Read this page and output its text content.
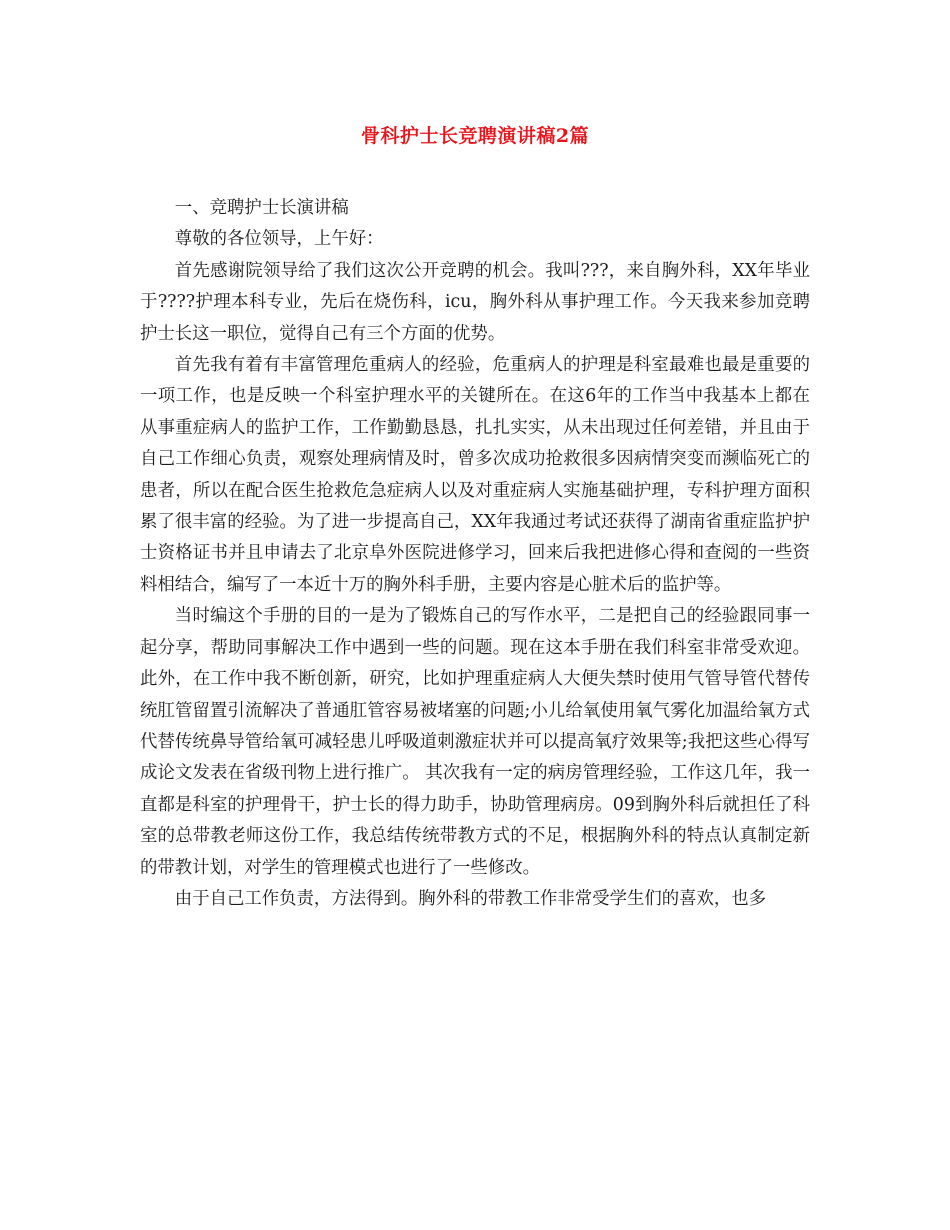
骨科护士长竞聘演讲稿2篇

一、竞聘护士长演讲稿

尊敬的各位领导，上午好：

首先感谢院领导给了我们这次公开竞聘的机会。我叫???，来自胸外科，XX年毕业于????护理本科专业，先后在烧伤科，icu，胸外科从事护理工作。今天我来参加竞聘护士长这一职位，觉得自己有三个方面的优势。

首先我有着有丰富管理危重病人的经验，危重病人的护理是科室最难也最是重要的一项工作，也是反映一个科室护理水平的关键所在。在这6年的工作当中我基本上都在从事重症病人的监护工作，工作勤勤恳恳，扎扎实实，从未出现过任何差错，并且由于自己工作细心负责，观察处理病情及时，曾多次成功抢救很多因病情突变而濒临死亡的患者，所以在配合医生抢救危急症病人以及对重症病人实施基础护理，专科护理方面积累了很丰富的经验。为了进一步提高自己，XX年我通过考试还获得了湖南省重症监护护士资格证书并且申请去了北京阜外医院进修学习，回来后我把进修心得和查阅的一些资料相结合，编写了一本近十万的胸外科手册，主要内容是心脏术后的监护等。

当时编这个手册的目的一是为了锻炼自己的写作水平，二是把自己的经验跟同事一起分享，帮助同事解决工作中遇到一些的问题。现在这本手册在我们科室非常受欢迎。此外，在工作中我不断创新，研究，比如护理重症病人大便失禁时使用气管导管代替传统肛管留置引流解决了普通肛管容易被堵塞的问题;小儿给氧使用氧气雾化加温给氧方式代替传统鼻导管给氧可减轻患儿呼吸道刺激症状并可以提高氧疗效果等;我把这些心得写成论文发表在省级刊物上进行推广。 其次我有一定的病房管理经验，工作这几年，我一直都是科室的护理骨干，护士长的得力助手，协助管理病房。09到胸外科后就担任了科室的总带教老师这份工作，我总结传统带教方式的不足，根据胸外科的特点认真制定新的带教计划，对学生的管理模式也进行了一些修改。

由于自己工作负责，方法得到。胸外科的带教工作非常受学生们的喜欢，也多
